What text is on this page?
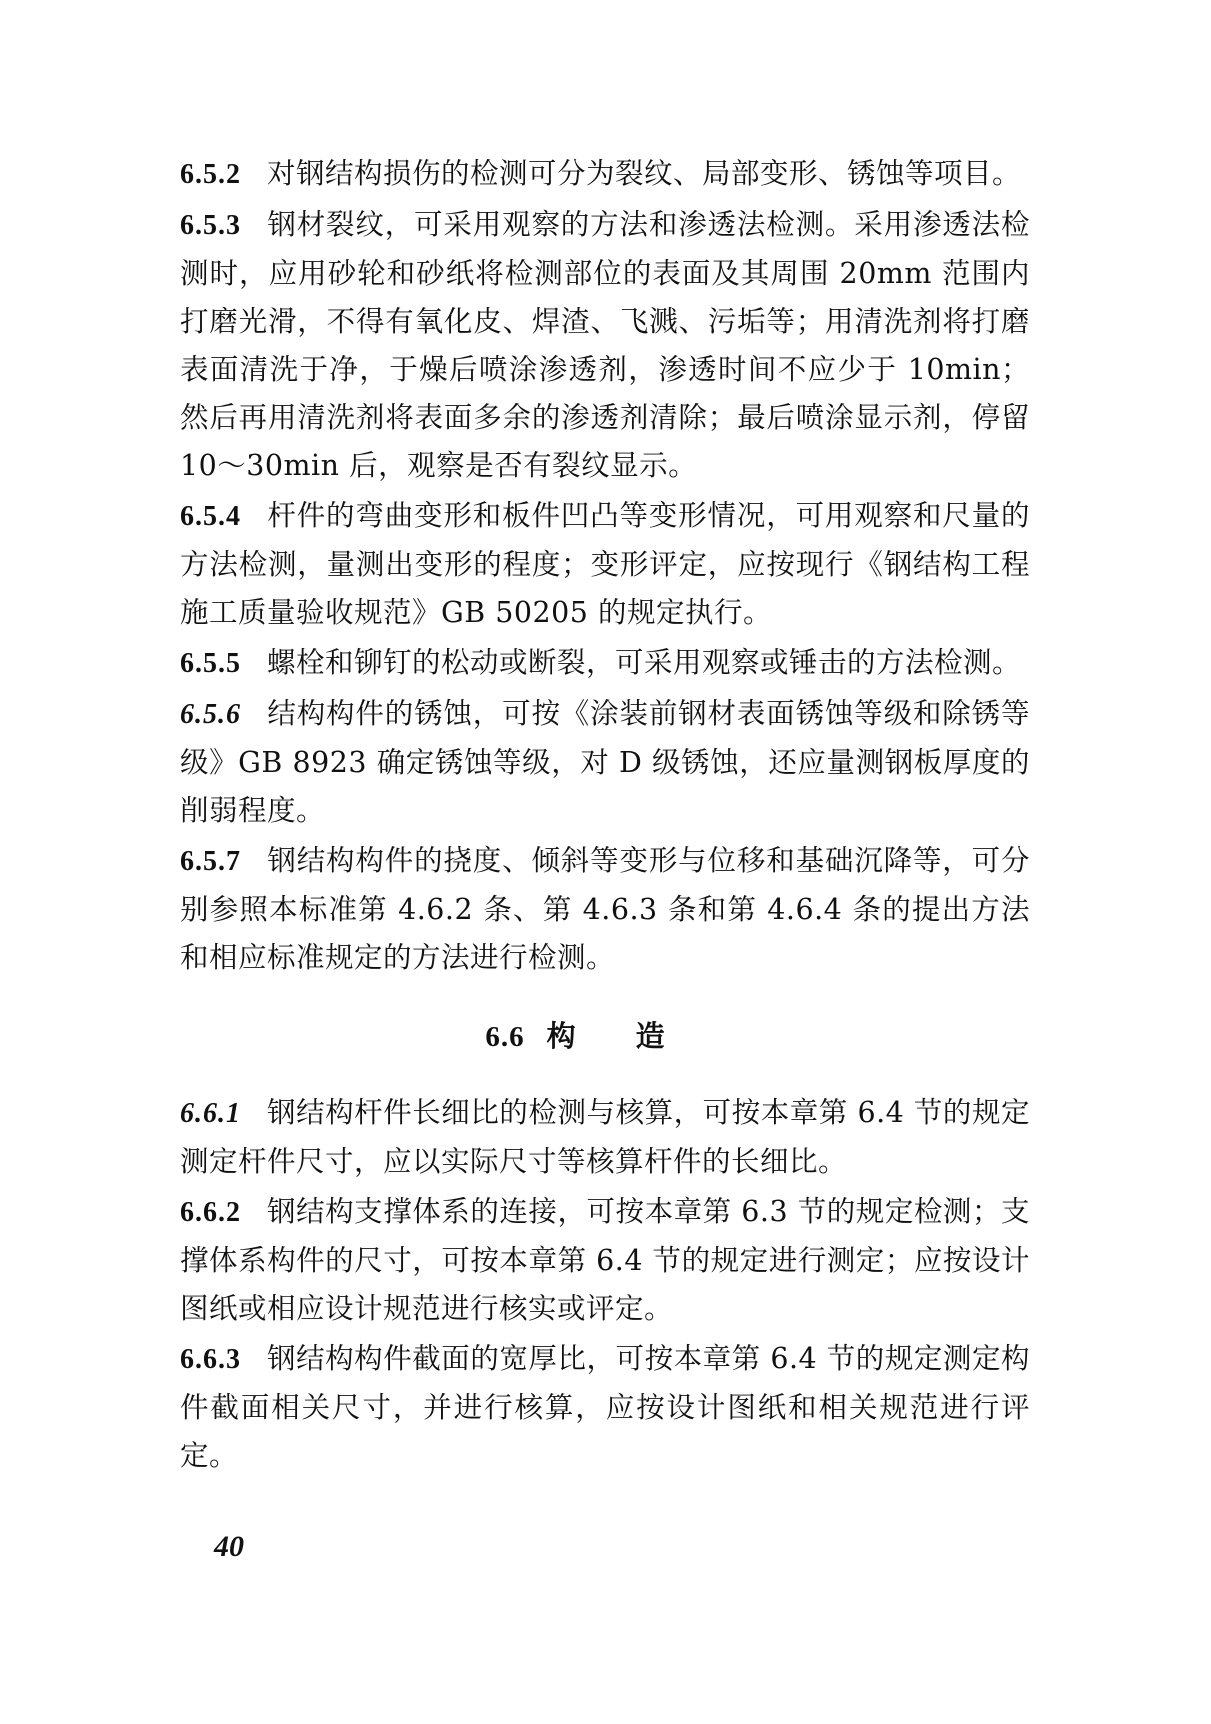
6.5.2 对钢结构损伤的检测可分为裂纹、局部变形、锈蚀等项目。

6.5.3 钢材裂纹，可采用观察的方法和渗透法检测。采用渗透法检测时，应用砂轮和砂纸将检测部位的表面及其周围 20mm 范围内打磨光滑，不得有氧化皮、焊渣、飞溅、污垢等；用清洗剂将打磨表面清洗于净，于燥后喷涂渗透剂，渗透时间不应少于 10min；然后再用清洗剂将表面多余的渗透剂清除；最后喷涂显示剂，停留 10～30min 后，观察是否有裂纹显示。

6.5.4 杆件的弯曲变形和板件凹凸等变形情况，可用观察和尺量的方法检测，量测出变形的程度；变形评定，应按现行《钢结构工程施工质量验收规范》GB 50205 的规定执行。

6.5.5 螺栓和铆钉的松动或断裂，可采用观察或锤击的方法检测。

6.5.6 结构构件的锈蚀，可按《涂装前钢材表面锈蚀等级和除锈等级》GB 8923 确定锈蚀等级，对 D 级锈蚀，还应量测钢板厚度的削弱程度。

6.5.7 钢结构构件的挠度、倾斜等变形与位移和基础沉降等，可分别参照本标准第 4.6.2 条、第 4.6.3 条和第 4.6.4 条的提出方法和相应标准规定的方法进行检测。

6.6 构造

6.6.1 钢结构杆件长细比的检测与核算，可按本章第 6.4 节的规定测定杆件尺寸，应以实际尺寸等核算杆件的长细比。

6.6.2 钢结构支撑体系的连接，可按本章第 6.3 节的规定检测；支撑体系构件的尺寸，可按本章第 6.4 节的规定进行测定；应按设计图纸或相应设计规范进行核实或评定。

6.6.3 钢结构构件截面的宽厚比，可按本章第 6.4 节的规定测定构件截面相关尺寸，并进行核算，应按设计图纸和相关规范进行评定。

40
